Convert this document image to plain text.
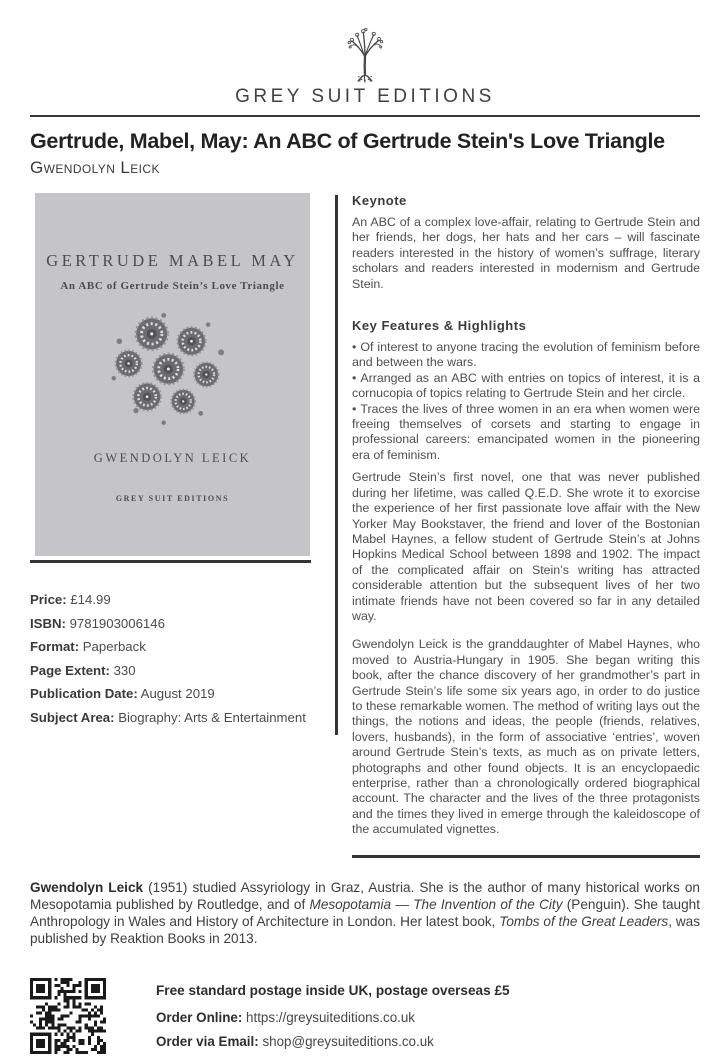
GREY SUIT EDITIONS
Gertrude, Mabel, May: An ABC of Gertrude Stein's Love Triangle
Gwendolyn Leick
GERTRUDE MABEL MAY
An ABC of Gertrude Stein’s Love Triangle
GWENDOLYN LEICK
GREY SUIT EDITIONS
Price: £14.99
ISBN: 9781903006146
Format: Paperback
Page Extent: 330
Publication Date: August 2019
Subject Area: Biography: Arts & Entertainment
Keynote

An ABC of a complex love-affair, relating to Gertrude Stein and her friends, her dogs, her hats and her cars – will fascinate readers interested in the history of women’s suffrage, literary scholars and readers interested in modernism and Gertrude Stein.

Key Features & Highlights
• Of interest to anyone tracing the evolution of feminism before and between the wars.
• Arranged as an ABC with entries on topics of interest, it is a cornucopia of topics relating to Gertrude Stein and her circle.
• Traces the lives of three women in an era when women were freeing themselves of corsets and starting to engage in professional careers: emancipated women in the pioneering era of feminism.

Gertrude Stein’s first novel, one that was never published during her lifetime, was called Q.E.D. She wrote it to exorcise the experience of her first passionate love affair with the New Yorker May Bookstaver, the friend and lover of the Bostonian Mabel Haynes, a fellow student of Gertrude Stein’s at Johns Hopkins Medical School between 1898 and 1902. The impact of the complicated affair on Stein’s writing has attracted considerable attention but the subsequent lives of her two intimate friends have not been covered so far in any detailed way.

Gwendolyn Leick is the granddaughter of Mabel Haynes, who moved to Austria-Hungary in 1905. She began writing this book, after the chance discovery of her grandmother’s part in Gertrude Stein’s life some six years ago, in order to do justice to these remarkable women. The method of writing lays out the things, the notions and ideas, the people (friends, relatives, lovers, husbands), in the form of associative ‘entries’, woven around Gertrude Stein’s texts, as much as on private letters, photographs and other found objects. It is an encyclopaedic enterprise, rather than a chronologically ordered biographical account. The character and the lives of the three protagonists and the times they lived in emerge through the kaleidoscope of the accumulated vignettes.

Gwendolyn Leick (1951) studied Assyriology in Graz, Austria. She is the author of many historical works on Mesopotamia published by Routledge, and of Mesopotamia — The Invention of the City (Penguin). She taught Anthropology in Wales and History of Architecture in London. Her latest book, Tombs of the Great Leaders, was published by Reaktion Books in 2013.

Free standard postage inside UK, postage overseas £5
Order Online: https://greysuiteditions.co.uk
Order via Email: shop@greysuiteditions.co.uk
